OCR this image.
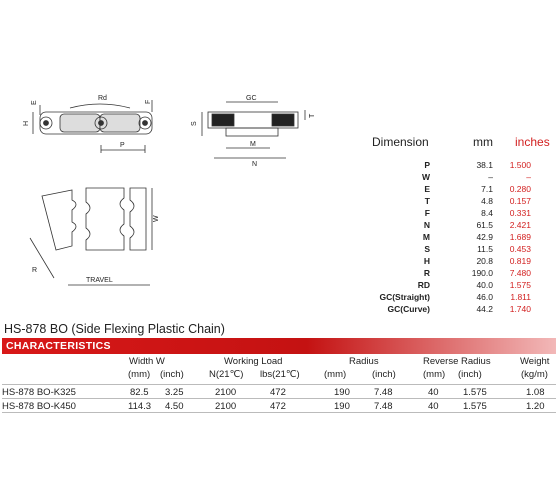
Rd
E
H
F
P
GC
S
T
M
N
W
R
TRAVEL
Dimension	mm inches
P	38.1 1.500
W	–	–
E	7.1 0.280
T	4.8 0.157
F	8.4 0.331
N	61.5 2.421
M	42.9 1.689
S	11.5 0.453
H	20.8 0.819
R	190.0 7.480
RD	40.0 1.575
GC(Straight)	46.0 1.811
GC(Curve)	44.2 1.740
HS-878 BO (Side Flexing Plastic Chain)
CHARACTERISTICS
Width W	Working Load	Radius	Reverse Radius	Weight
(mm) (inch)	N(21℃) lbs(21℃)	(mm)	(inch)	(mm) (inch)	(kg/m)
HS-878 BO-K325	82.5 3.25	2100	472	190	7.48	40	1.575	1.08
HS-878 BO-K450	114.3 4.50	2100	472	190	7.48	40	1.575	1.20
